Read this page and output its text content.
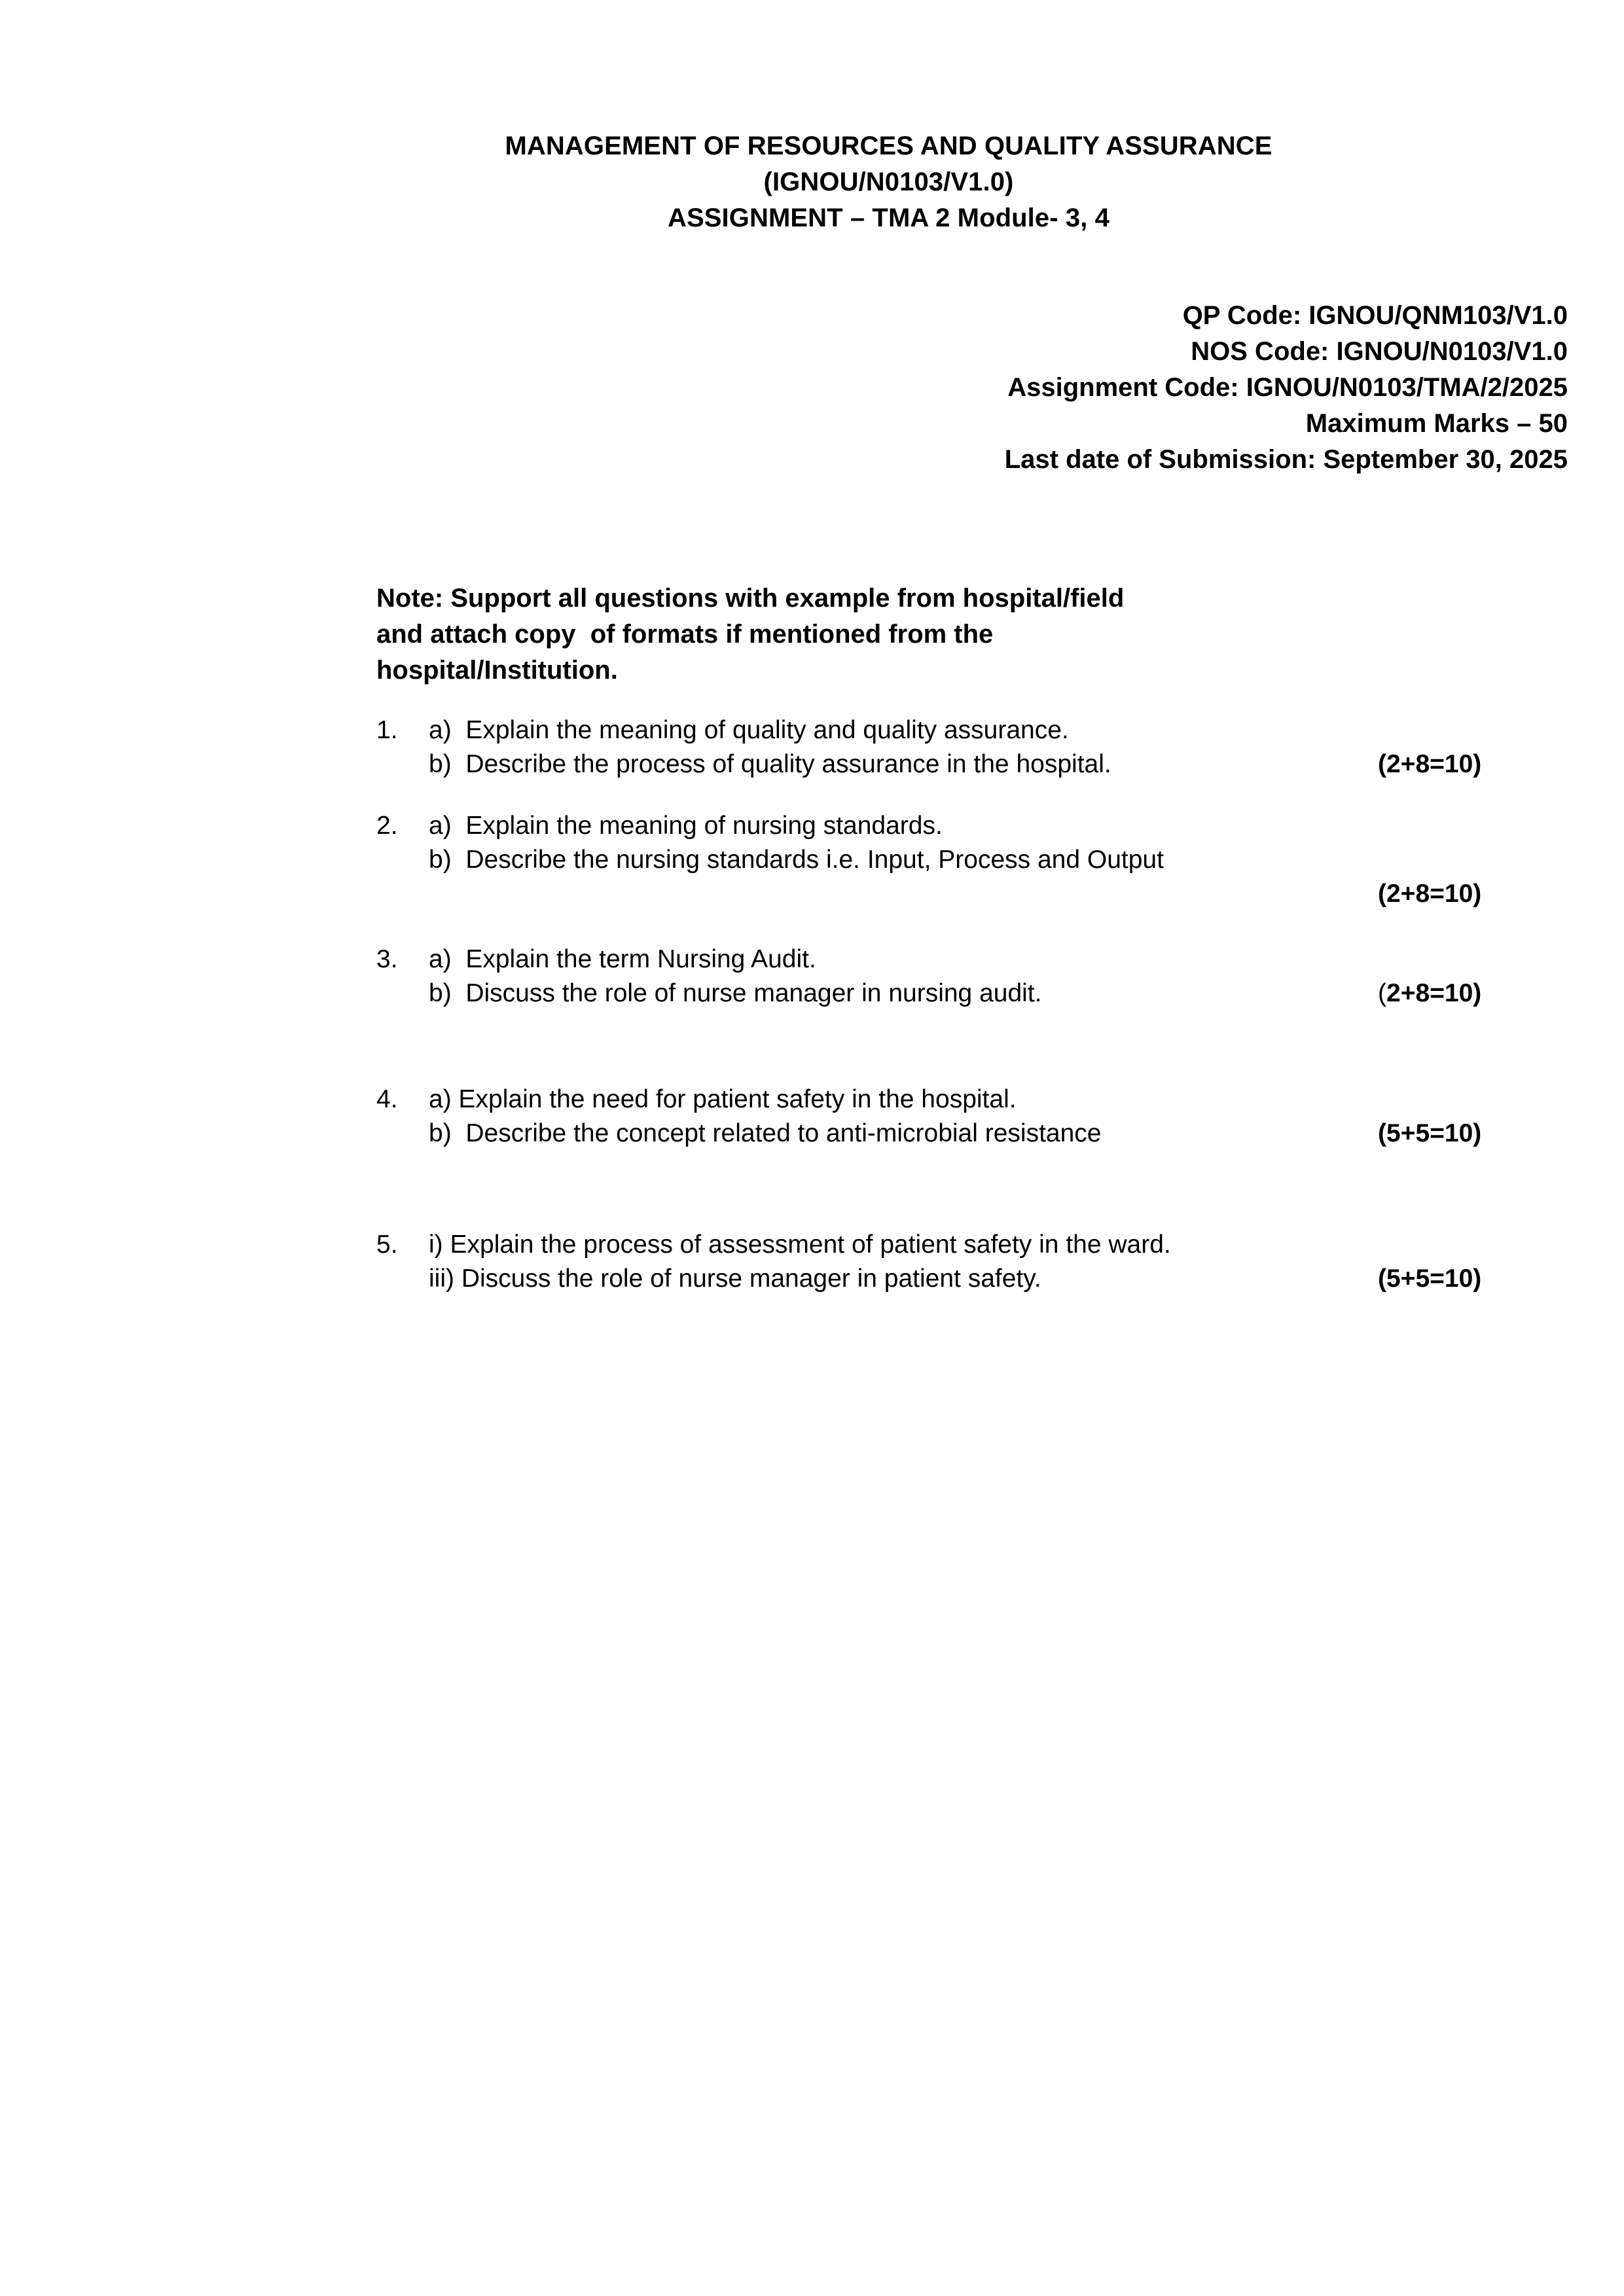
MANAGEMENT OF RESOURCES AND QUALITY ASSURANCE
(IGNOU/N0103/V1.0)
ASSIGNMENT – TMA 2 Module- 3, 4
QP Code: IGNOU/QNM103/V1.0
NOS Code: IGNOU/N0103/V1.0
Assignment Code: IGNOU/N0103/TMA/2/2025
Maximum Marks – 50
Last date of Submission: September 30, 2025
Note: Support all questions with example from hospital/field
and attach copy  of formats if mentioned from the
hospital/Institution.
1.	a)  Explain the meaning of quality and quality assurance.
b)  Describe the process of quality assurance in the hospital.	(2+8=10)
2.	a)  Explain the meaning of nursing standards.
b)  Describe the nursing standards i.e. Input, Process and Output
(2+8=10)
3.	a)  Explain the term Nursing Audit.
b)  Discuss the role of nurse manager in nursing audit.	(2+8=10)
4.	a) Explain the need for patient safety in the hospital.
b)  Describe the concept related to anti-microbial resistance	(5+5=10)
5.	i) Explain the process of assessment of patient safety in the ward.
iii) Discuss the role of nurse manager in patient safety.	(5+5=10)
